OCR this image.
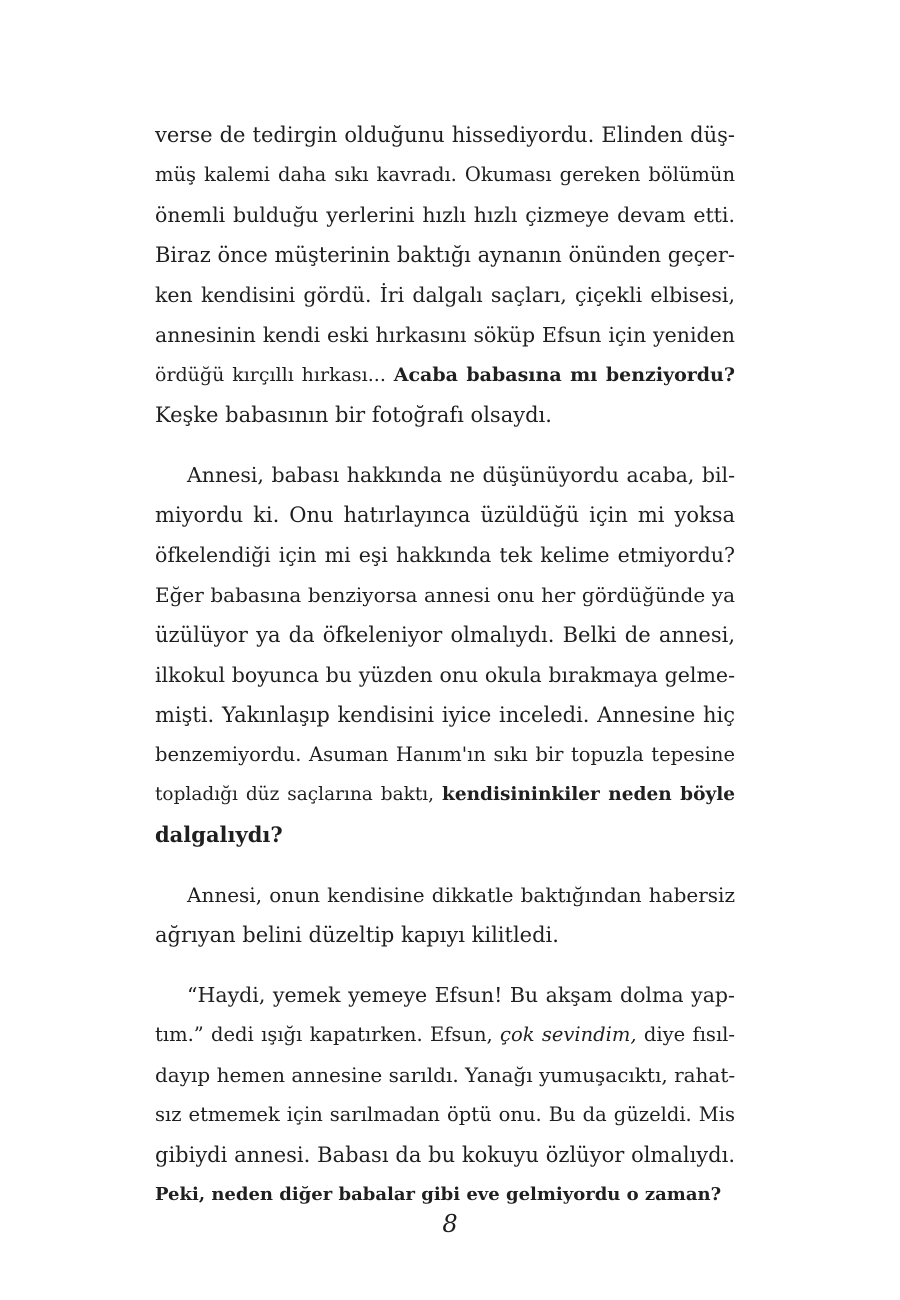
verse de tedirgin olduğunu hissediyordu. Elinden düş-
müş kalemi daha sıkı kavradı. Okuması gereken bölümün
önemli bulduğu yerlerini hızlı hızlı çizmeye devam etti.
Biraz önce müşterinin baktığı aynanın önünden geçer-
ken kendisini gördü. İri dalgalı saçları, çiçekli elbisesi,
annesinin kendi eski hırkasını söküp Efsun için yeniden
ördüğü kırçıllı hırkası... Acaba babasına mı benziyordu?
Keşke babasının bir fotoğrafı olsaydı.
Annesi, babası hakkında ne düşünüyordu acaba, bil-
miyordu ki. Onu hatırlayınca üzüldüğü için mi yoksa
öfkelendiği için mi eşi hakkında tek kelime etmiyordu?
Eğer babasına benziyorsa annesi onu her gördüğünde ya
üzülüyor ya da öfkeleniyor olmalıydı. Belki de annesi,
ilkokul boyunca bu yüzden onu okula bırakmaya gelme-
mişti. Yakınlaşıp kendisini iyice inceledi. Annesine hiç
benzemiyordu. Asuman Hanım'ın sıkı bir topuzla tepesine
topladığı düz saçlarına baktı, kendisininkiler neden böyle
dalgalıydı?
Annesi, onun kendisine dikkatle baktığından habersiz
ağrıyan belini düzeltip kapıyı kilitledi.
“Haydi, yemek yemeye Efsun! Bu akşam dolma yap-
tım.” dedi ışığı kapatırken. Efsun, çok sevindim, diye fısıl-
dayıp hemen annesine sarıldı. Yanağı yumuşacıktı, rahat-
sız etmemek için sarılmadan öptü onu. Bu da güzeldi. Mis
gibiydi annesi. Babası da bu kokuyu özlüyor olmalıydı.
Peki, neden diğer babalar gibi eve gelmiyordu o zaman?
8
